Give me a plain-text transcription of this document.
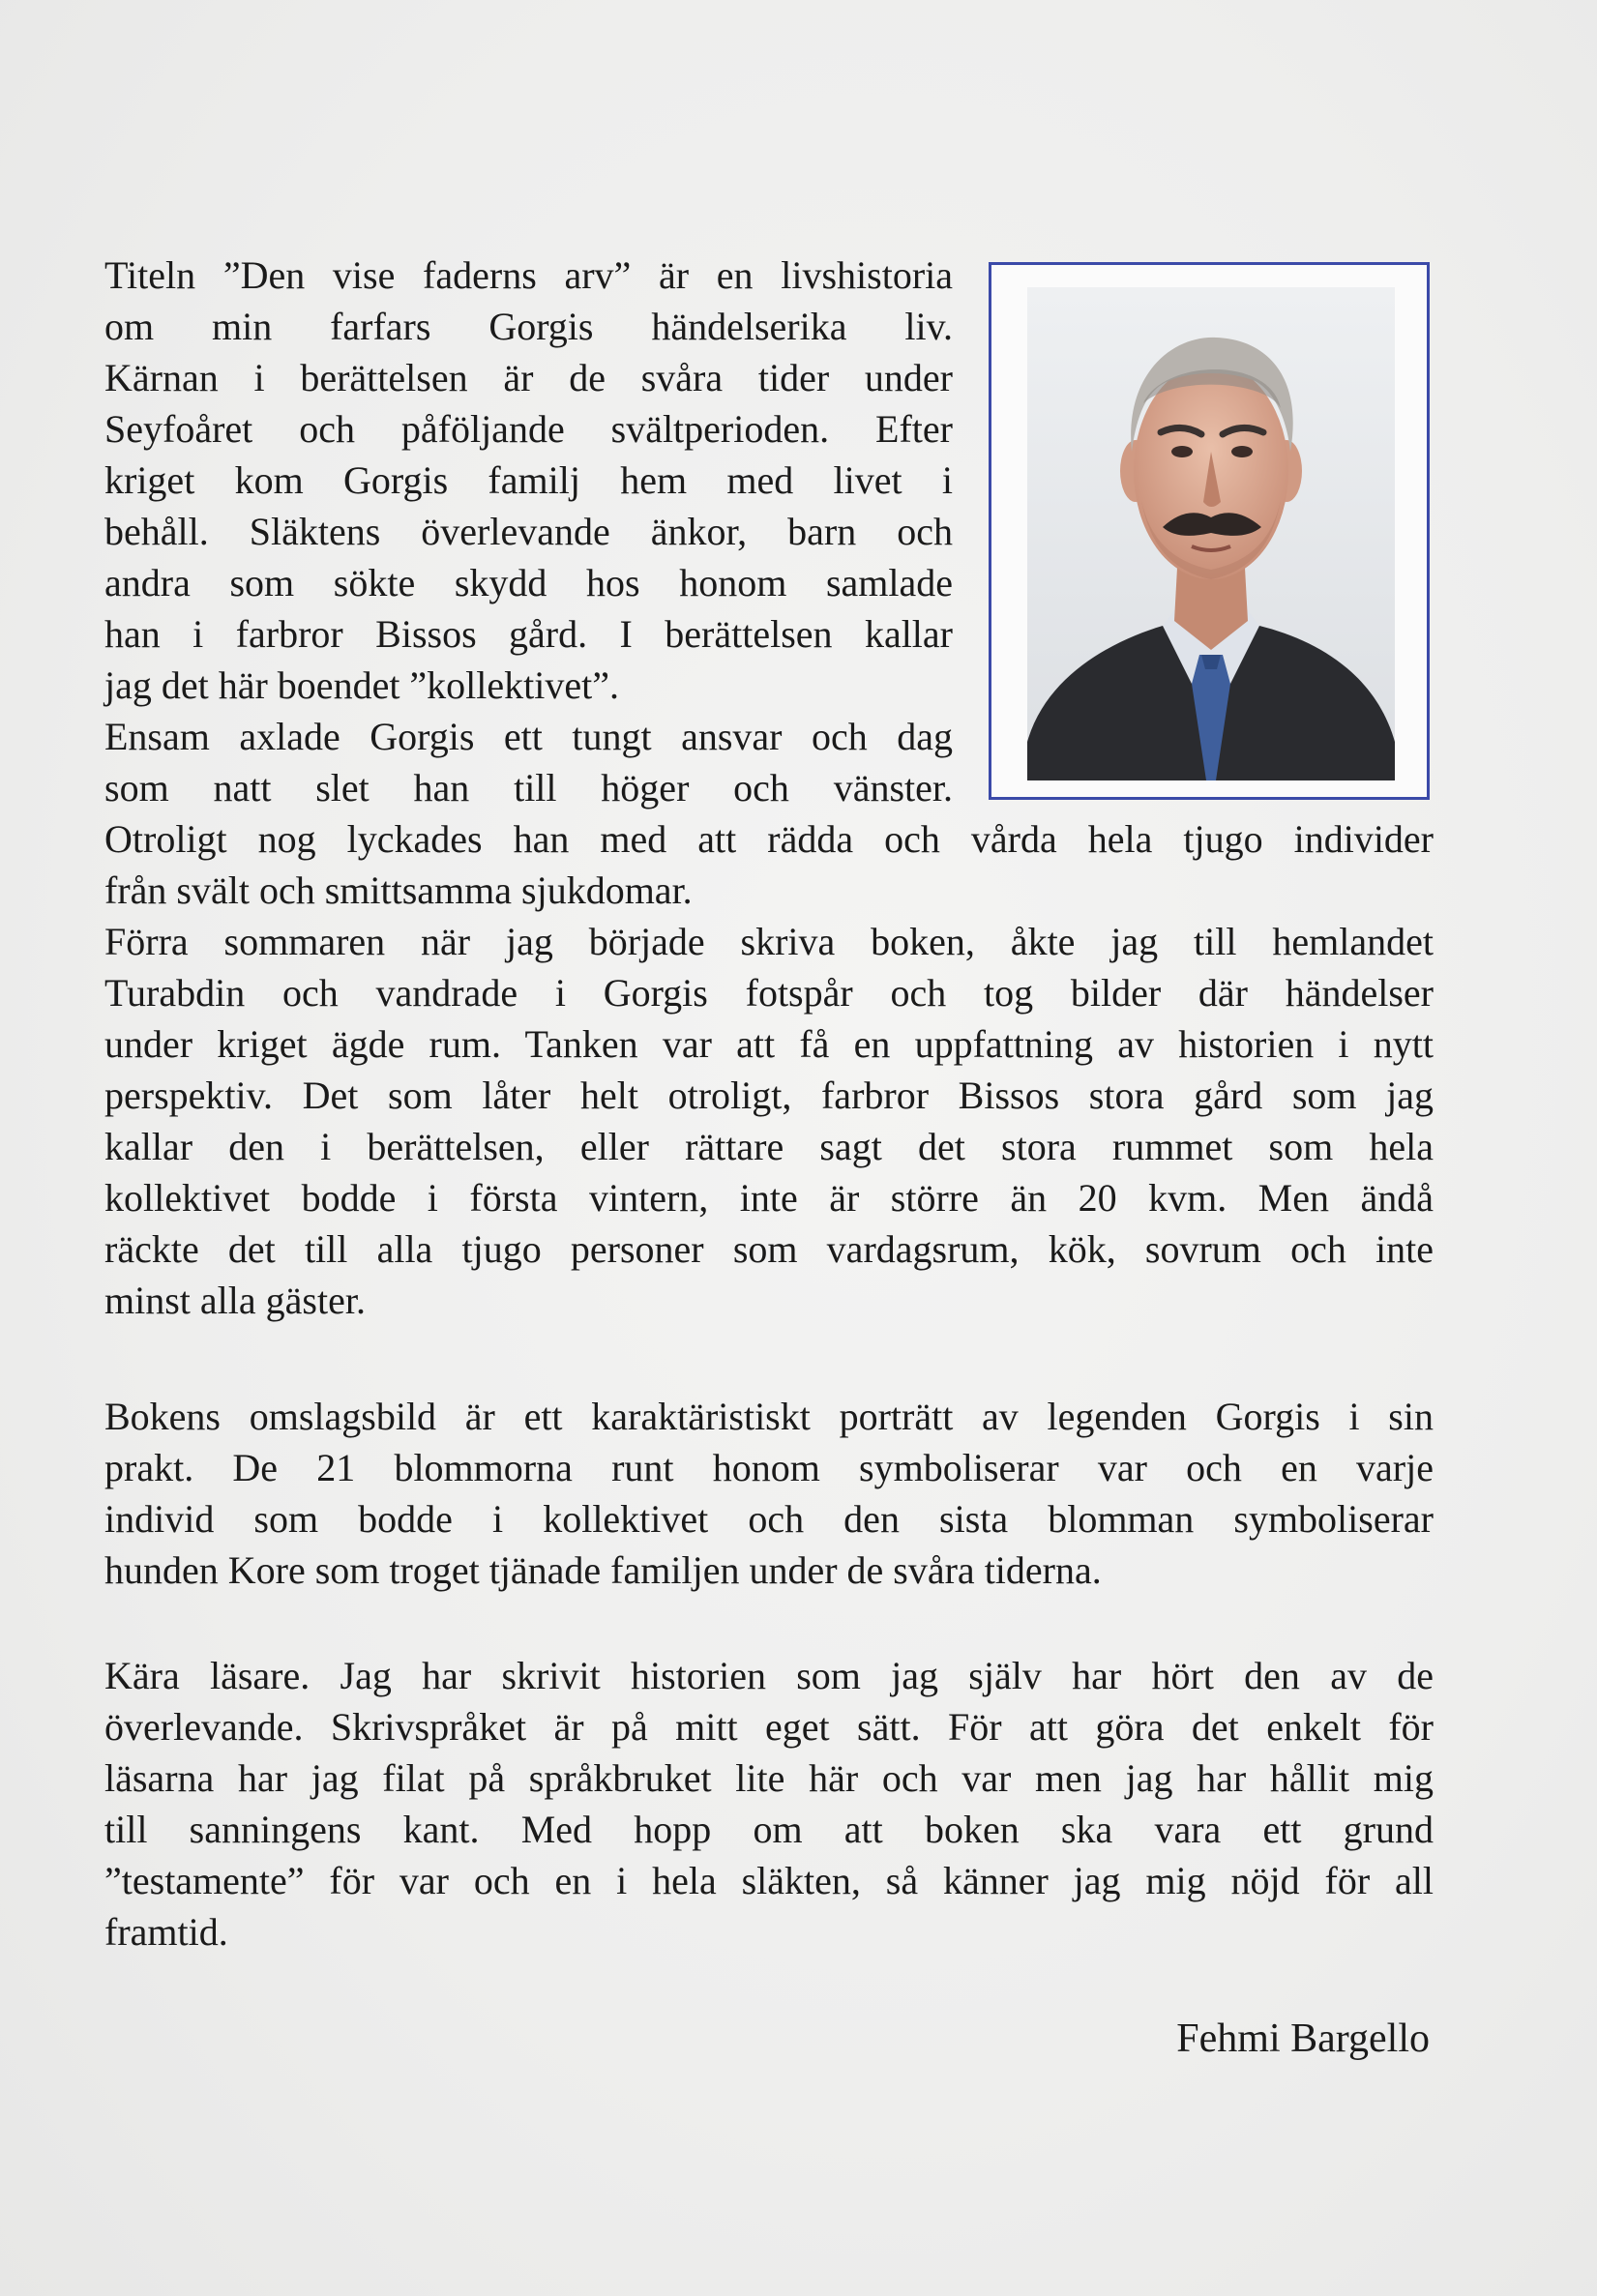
Titeln ”Den vise faderns arv” är en livshistoria
om min farfars Gorgis händelserika liv.
Kärnan i berättelsen är de svåra tider under
Seyfoåret och påföljande svältperioden. Efter
kriget kom Gorgis familj hem med livet i
behåll. Släktens överlevande änkor, barn och
andra som sökte skydd hos honom samlade
han i farbror Bissos gård. I berättelsen kallar
jag det här boendet ”kollektivet”.
Ensam axlade Gorgis ett tungt ansvar och dag
som natt slet han till höger och vänster.
Otroligt nog lyckades han med att rädda och vårda hela tjugo individer
från svält och smittsamma sjukdomar.
Förra sommaren när jag började skriva boken, åkte jag till hemlandet
Turabdin och vandrade i Gorgis fotspår och tog bilder där händelser
under kriget ägde rum. Tanken var att få en uppfattning av historien i nytt
perspektiv. Det som låter helt otroligt, farbror Bissos stora gård som jag
kallar den i berättelsen, eller rättare sagt det stora rummet som hela
kollektivet bodde i första vintern, inte är större än 20 kvm. Men ändå
räckte det till alla tjugo personer som vardagsrum, kök, sovrum och inte
minst alla gäster.
Bokens omslagsbild är ett karaktäristiskt porträtt av legenden Gorgis i sin
prakt. De 21 blommorna runt honom symboliserar var och en varje
individ som bodde i kollektivet och den sista blomman symboliserar
hunden Kore som troget tjänade familjen under de svåra tiderna.
Kära läsare. Jag har skrivit historien som jag själv har hört den av de
överlevande. Skrivspråket är på mitt eget sätt. För att göra det enkelt för
läsarna har jag filat på språkbruket lite här och var men jag har hållit mig
till sanningens kant. Med hopp om att boken ska vara ett grund
”testamente” för var och en i hela släkten, så känner jag mig nöjd för all
framtid.
Fehmi Bargello
